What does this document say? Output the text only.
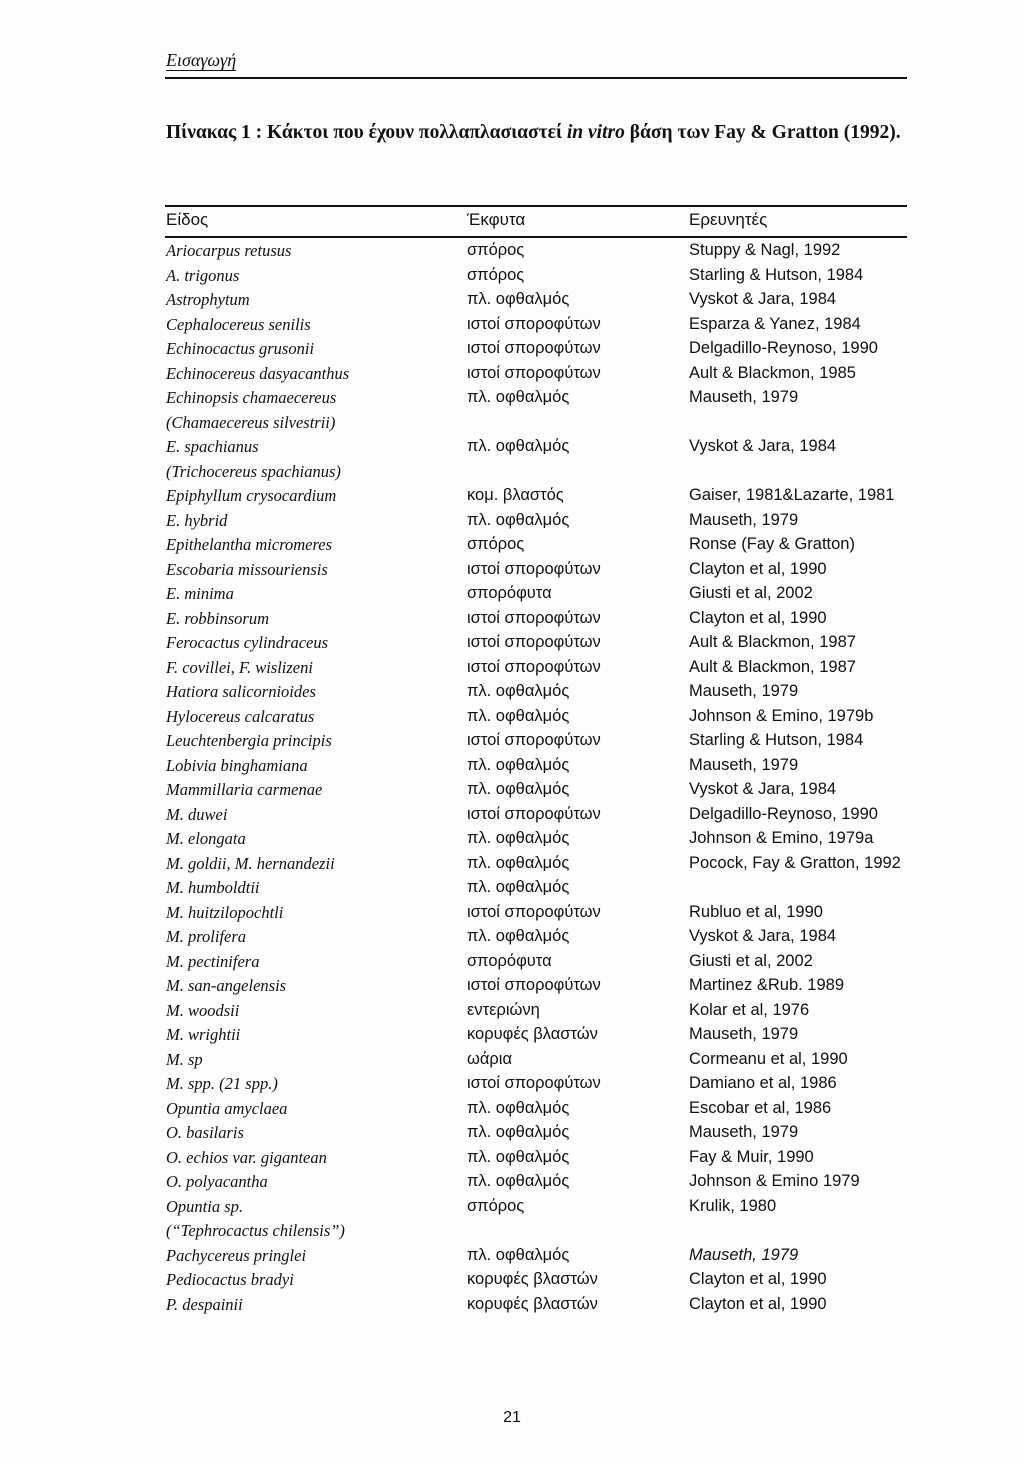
Εισαγωγή
Πίνακας 1 : Κάκτοι που έχουν πολλαπλασιαστεί in vitro βάση των Fay & Gratton (1992).
Είδος	Έκφυτα	Ερευνητές
Ariocarpus retusus	σπόρος	Stuppy & Nagl, 1992
A. trigonus	σπόρος	Starling & Hutson, 1984
Astrophytum	πλ. οφθαλμός	Vyskot & Jara, 1984
Cephalocereus senilis	ιστοί σποροφύτων	Esparza & Yanez, 1984
Echinocactus grusonii	ιστοί σποροφύτων	Delgadillo-Reynoso, 1990
Echinocereus dasyacanthus	ιστοί σποροφύτων	Ault & Blackmon, 1985
Echinopsis chamaecereus	πλ. οφθαλμός	Mauseth, 1979
(Chamaecereus silvestrii)
E. spachianus	πλ. οφθαλμός	Vyskot & Jara, 1984
(Trichocereus spachianus)
Epiphyllum crysocardium	κομ. βλαστός	Gaiser, 1981&Lazarte, 1981
E. hybrid	πλ. οφθαλμός	Mauseth, 1979
Epithelantha micromeres	σπόρος	Ronse (Fay & Gratton)
Escobaria missouriensis	ιστοί σποροφύτων	Clayton et al, 1990
E. minima	σπορόφυτα	Giusti et al, 2002
E. robbinsorum	ιστοί σποροφύτων	Clayton et al, 1990
Ferocactus cylindraceus	ιστοί σποροφύτων	Ault & Blackmon, 1987
F. covillei, F. wislizeni	ιστοί σποροφύτων	Ault & Blackmon, 1987
Hatiora salicornioides	πλ. οφθαλμός	Mauseth, 1979
Hylocereus calcaratus	πλ. οφθαλμός	Johnson & Emino, 1979b
Leuchtenbergia principis	ιστοί σποροφύτων	Starling & Hutson, 1984
Lobivia binghamiana	πλ. οφθαλμός	Mauseth, 1979
Mammillaria carmenae	πλ. οφθαλμός	Vyskot & Jara, 1984
M. duwei	ιστοί σποροφύτων	Delgadillo-Reynoso, 1990
M. elongata	πλ. οφθαλμός	Johnson & Emino, 1979a
M. goldii, M. hernandezii	πλ. οφθαλμός	Pocock, Fay & Gratton, 1992
M. humboldtii	πλ. οφθαλμός
M. huitzilopochtli	ιστοί σποροφύτων	Rubluo et al, 1990
M. prolifera	πλ. οφθαλμός	Vyskot & Jara, 1984
M. pectinifera	σπορόφυτα	Giusti et al, 2002
M. san-angelensis	ιστοί σποροφύτων	Martinez &Rub. 1989
M. woodsii	εντεριώνη	Kolar et al, 1976
M. wrightii	κορυφές βλαστών	Mauseth, 1979
M. sp	ωάρια	Cormeanu et al, 1990
M. spp. (21 spp.)	ιστοί σποροφύτων	Damiano et al, 1986
Opuntia amyclaea	πλ. οφθαλμός	Escobar et al, 1986
O. basilaris	πλ. οφθαλμός	Mauseth, 1979
O. echios var. gigantean	πλ. οφθαλμός	Fay & Muir, 1990
O. polyacantha	πλ. οφθαλμός	Johnson & Emino 1979
Opuntia sp.	σπόρος	Krulik, 1980
(“Tephrocactus chilensis”)
Pachycereus pringlei	πλ. οφθαλμός	Mauseth, 1979
Pediocactus bradyi	κορυφές βλαστών	Clayton et al, 1990
P. despainii	κορυφές βλαστών	Clayton et al, 1990
21
